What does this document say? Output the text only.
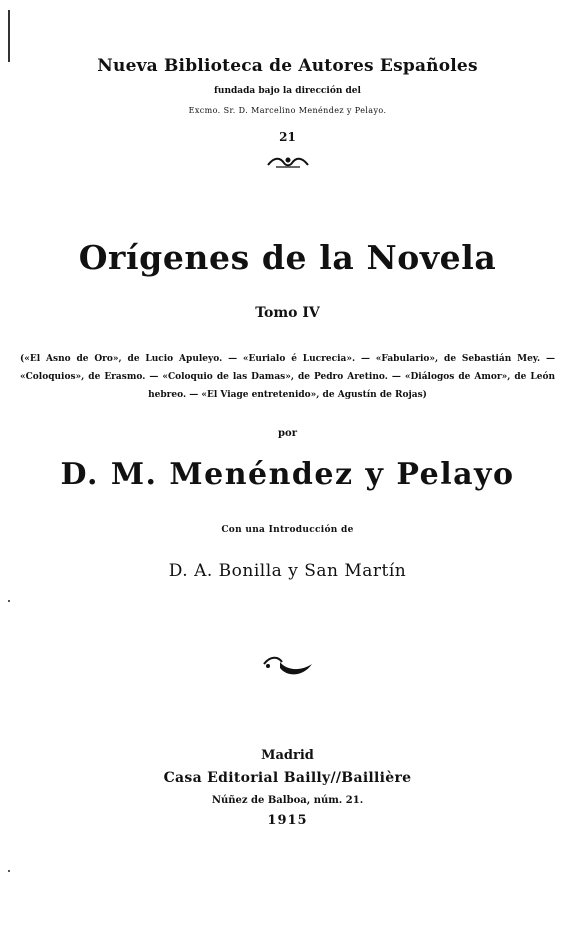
Nueva Biblioteca de Autores Españoles
fundada bajo la dirección del
Excmo. Sr. D. Marcelino Menéndez y Pelayo.
21
Orígenes de la Novela
Tomo IV
(«El Asno de Oro», de Lucio Apuleyo. — «Eurialo é Lucrecia». — «Fabulario», de Sebastián Mey. — «Coloquios», de Erasmo. — «Coloquio de las Damas», de Pedro Aretino. — «Diálogos de Amor», de León hebreo. — «El Viage entretenido», de Agustín de Rojas)
por
D. M. Menéndez y Pelayo
Con una Introducción de
D. A. Bonilla y San Martín
Madrid
Casa Editorial Bailly//Baillière
Núñez de Balboa, núm. 21.
1915
